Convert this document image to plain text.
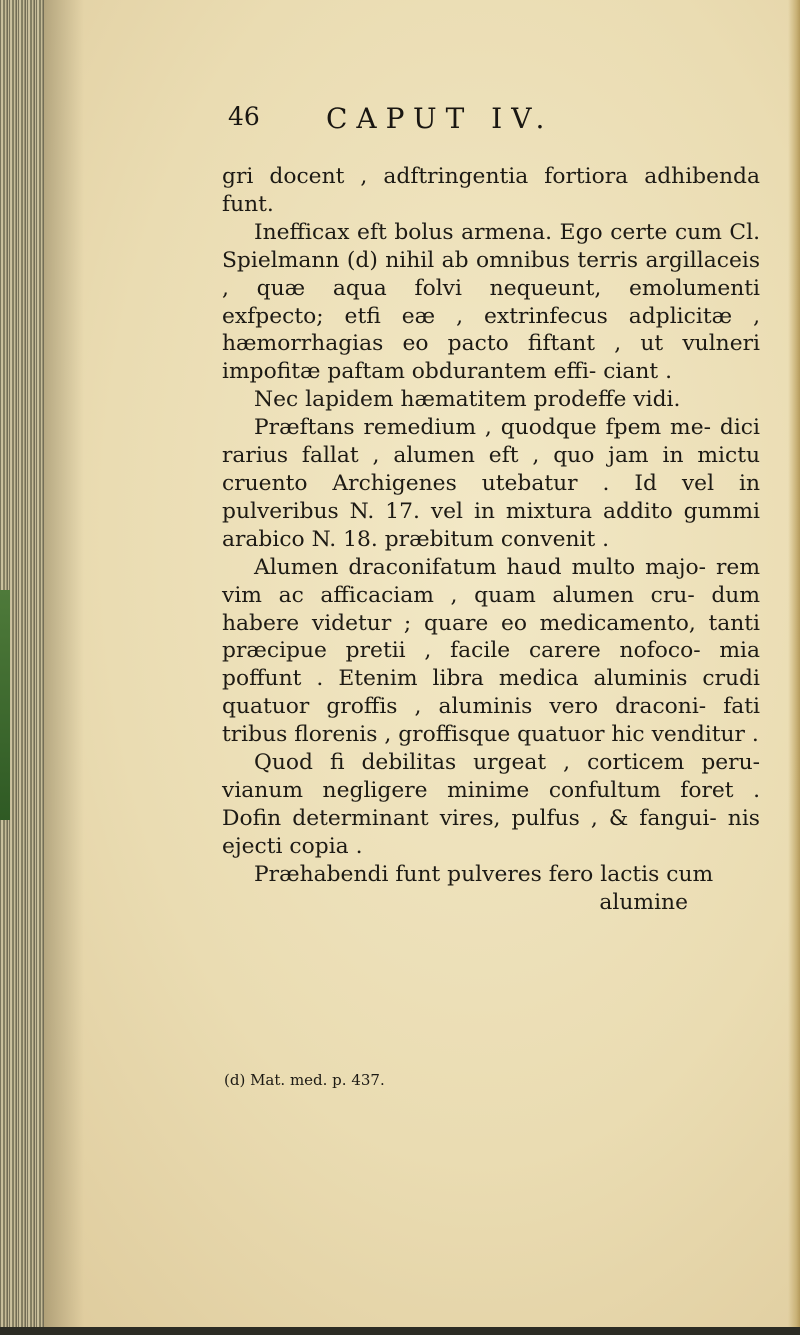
46 CAPUT IV.

gri docent , adftringentia fortiora adhibenda funt.

Inefficax eft bolus armena. Ego certe cum Cl. Spielmann (d) nihil ab omnibus terris argillaceis , quæ aqua folvi nequeunt, emolumenti exfpecto; etfi eæ , extrinfecus adplicitæ , hæmorrhagias eo pacto fiftant , ut vulneri impofitæ paftam obdurantem effi- ciant .

Nec lapidem hæmatitem prodeffe vidi.

Præftans remedium , quodque fpem me- dici rarius fallat , alumen eft , quo jam in mictu cruento Archigenes utebatur . Id vel in pulveribus N. 17. vel in mixtura addito gummi arabico N. 18. præbitum convenit .

Alumen draconifatum haud multo majo- rem vim ac afficaciam , quam alumen cru- dum habere videtur ; quare eo medicamento, tanti præcipue pretii , facile carere nofoco- mia poffunt . Etenim libra medica aluminis crudi quatuor groffis , aluminis vero draconi- fati tribus florenis , groffisque quatuor hic venditur .

Quod fi debilitas urgeat , corticem peru- vianum negligere minime confultum foret . Dofin determinant vires, pulfus , & fangui- nis ejecti copia .

Præhabendi funt pulveres fero lactis cum

alumine
(d) Mat. med. p. 437.
